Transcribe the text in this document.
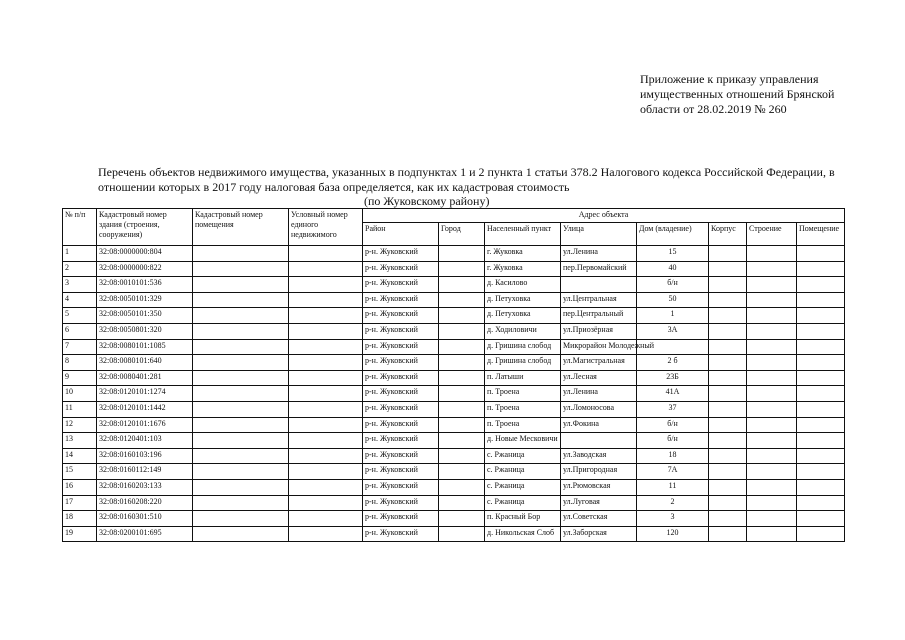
Приложение к приказу управления
имущественных отношений Брянской
области от 28.02.2019 № 260
Перечень объектов недвижимого имущества, указанных в подпунктах 1 и 2 пункта 1 статьи 378.2 Налогового кодекса Российской Федерации, в
отношении которых в 2017 году налоговая база определяется, как их кадастровая стоимость
(по Жуковскому району)
№ п/п	Кадастровый номер здания (строения, сооружения)	Кадастровый номер помещения	Условный номер единого недвижимого	Адрес объекта							
				Район	Город	Населенный пункт	Улица	Дом (владение)	Корпус	Строение	Помещение
1	32:08:0000000:804			р-н. Жуковский		г. Жуковка	ул.Ленина	15			
2	32:08:0000000:822			р-н. Жуковский		г. Жуковка	пер.Первомайский	40			
3	32:08:0010101:536			р-н. Жуковский		д. Касилово		б/н			
4	32:08:0050101:329			р-н. Жуковский		д. Петуховка	ул.Центральная	50			
5	32:08:0050101:350			р-н. Жуковский		д. Петуховка	пер.Центральный	1			
6	32:08:0050801:320			р-н. Жуковский		д. Ходиловичи	ул.Приозёрная	3А			
7	32:08:0080101:1085			р-н. Жуковский		д. Гришина слобод	Микрорайон Молодежный				
8	32:08:0080101:640			р-н. Жуковский		д. Гришина слобод	ул.Магистральная	2 б			
9	32:08:0080401:281			р-н. Жуковский		п. Латыши	ул.Лесная	23Б			
10	32:08:0120101:1274			р-н. Жуковский		п. Троена	ул.Ленина	41А			
11	32:08:0120101:1442			р-н. Жуковский		п. Троена	ул.Ломоносова	37			
12	32:08:0120101:1676			р-н. Жуковский		п. Троена	ул.Фокина	б/н			
13	32:08:0120401:103			р-н. Жуковский		д. Новые Месковичи		б/н			
14	32:08:0160103:196			р-н. Жуковский		с. Ржаница	ул.Заводская	18			
15	32:08:0160112:149			р-н. Жуковский		с. Ржаница	ул.Пригородная	7А			
16	32:08:0160203:133			р-н. Жуковский		с. Ржаница	ул.Рюмовская	11			
17	32:08:0160208:220			р-н. Жуковский		с. Ржаница	ул.Луговая	2			
18	32:08:0160301:510			р-н. Жуковский		п. Красный Бор	ул.Советская	3			
19	32:08:0200101:695			р-н. Жуковский		д. Никольская Слоб	ул.Заборская	120			
